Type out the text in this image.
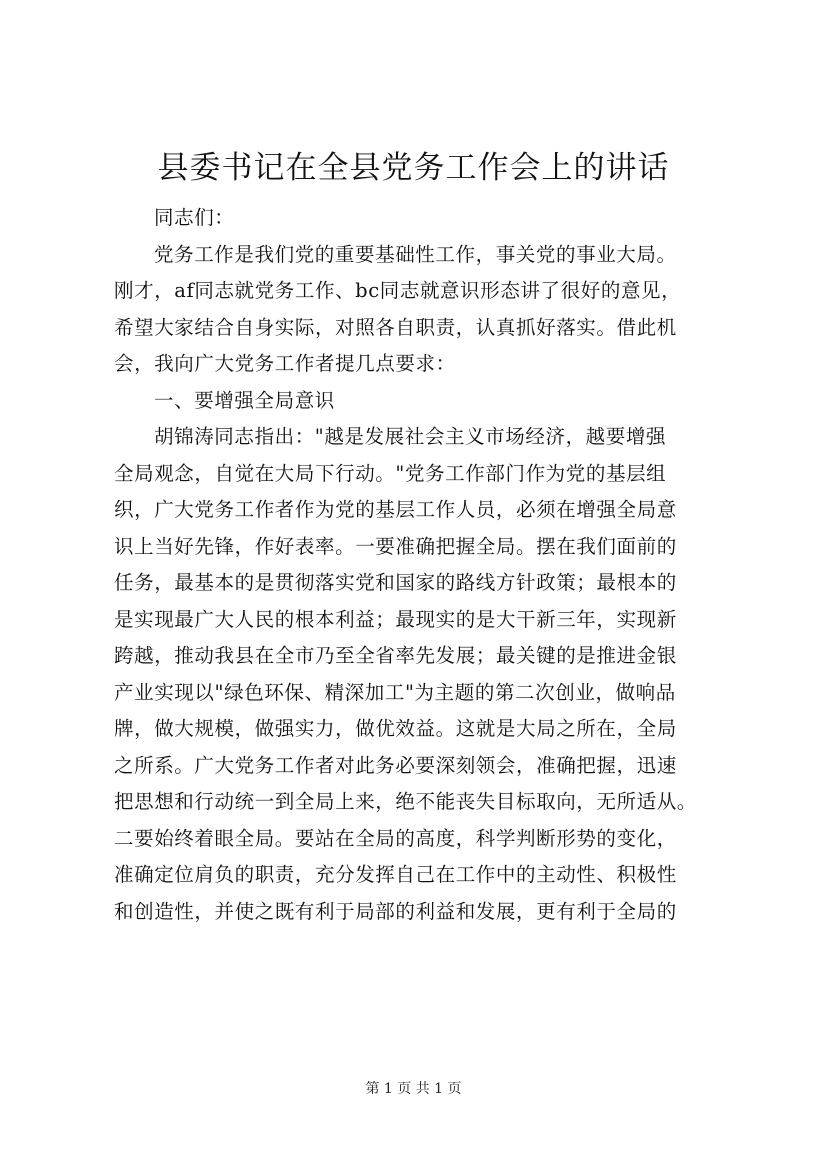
县委书记在全县党务工作会上的讲话
同志们：
党务工作是我们党的重要基础性工作，事关党的事业大局。
刚才，af同志就党务工作、bc同志就意识形态讲了很好的意见，
希望大家结合自身实际，对照各自职责，认真抓好落实。借此机
会，我向广大党务工作者提几点要求：
一、要增强全局意识
胡锦涛同志指出："越是发展社会主义市场经济，越要增强
全局观念，自觉在大局下行动。"党务工作部门作为党的基层组
织，广大党务工作者作为党的基层工作人员，必须在增强全局意
识上当好先锋，作好表率。一要准确把握全局。摆在我们面前的
任务，最基本的是贯彻落实党和国家的路线方针政策；最根本的
是实现最广大人民的根本利益；最现实的是大干新三年，实现新
跨越，推动我县在全市乃至全省率先发展；最关键的是推进金银
产业实现以"绿色环保、精深加工"为主题的第二次创业，做响品
牌，做大规模，做强实力，做优效益。这就是大局之所在，全局
之所系。广大党务工作者对此务必要深刻领会，准确把握，迅速
把思想和行动统一到全局上来，绝不能丧失目标取向，无所适从。
二要始终着眼全局。要站在全局的高度，科学判断形势的变化，
准确定位肩负的职责，充分发挥自己在工作中的主动性、积极性
和创造性，并使之既有利于局部的利益和发展，更有利于全局的
第 1 页 共 1 页
